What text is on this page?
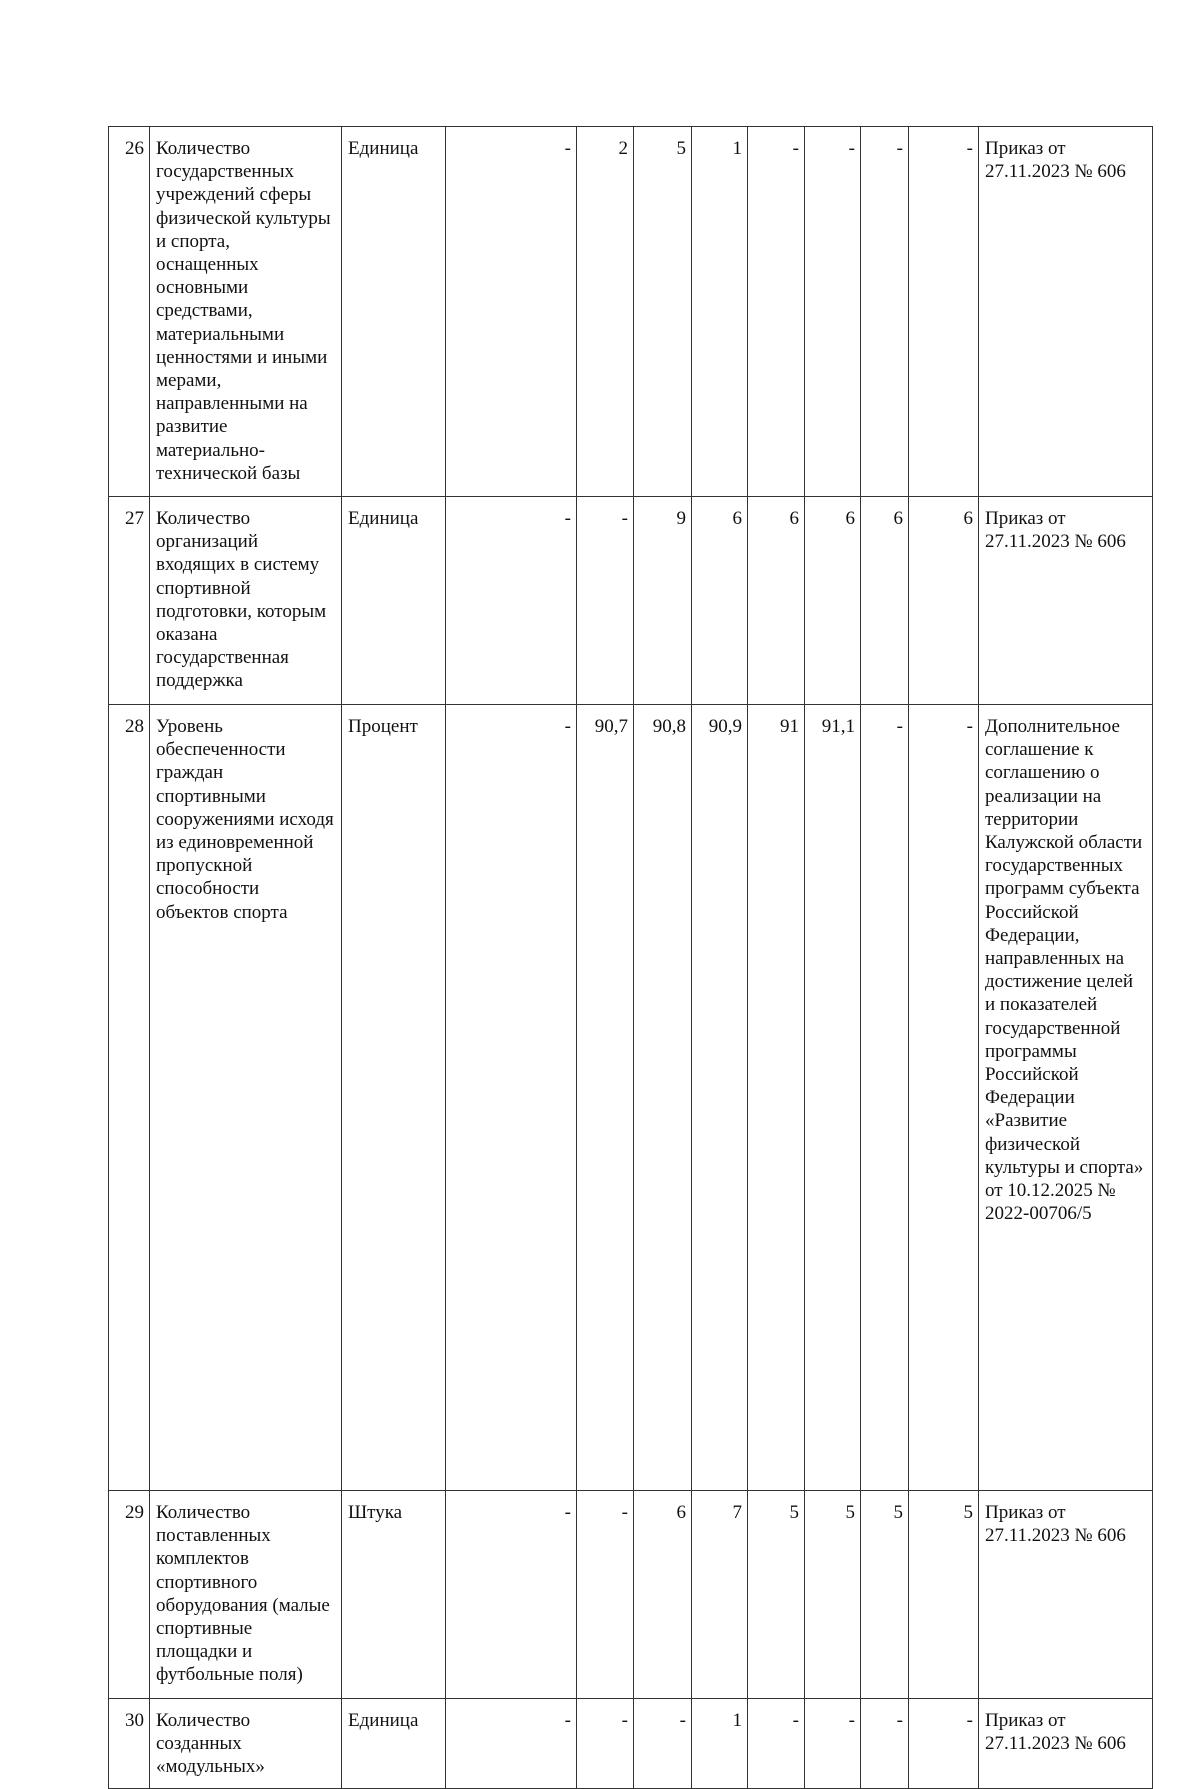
26	Количество государственных учреждений сферы физической культуры и спорта, оснащенных основными средствами, материальными ценностями и иными мерами, направленными на развитие материально-технической базы	Единица	-	2	5	1	-	-	-	-	Приказ от 27.11.2023 № 606
27	Количество организаций входящих в систему спортивной подготовки, которым оказана государственная поддержка	Единица	-	-	9	6	6	6	6	6	Приказ от 27.11.2023 № 606
28	Уровень обеспеченности граждан спортивными сооружениями исходя из единовременной пропускной способности объектов спорта	Процент	-	90,7	90,8	90,9	91	91,1	-	-	Дополнительное соглашение к соглашению о реализации на территории Калужской области государственных программ субъекта Российской Федерации, направленных на достижение целей и показателей государственной программы Российской Федерации «Развитие физической культуры и спорта» от 10.12.2025 № 2022-00706/5
29	Количество поставленных комплектов спортивного оборудования (малые спортивные площадки и футбольные поля)	Штука	-	-	6	7	5	5	5	5	Приказ от 27.11.2023 № 606
30	Количество созданных «модульных»	Единица	-	-	-	1	-	-	-	-	Приказ от 27.11.2023 № 606
